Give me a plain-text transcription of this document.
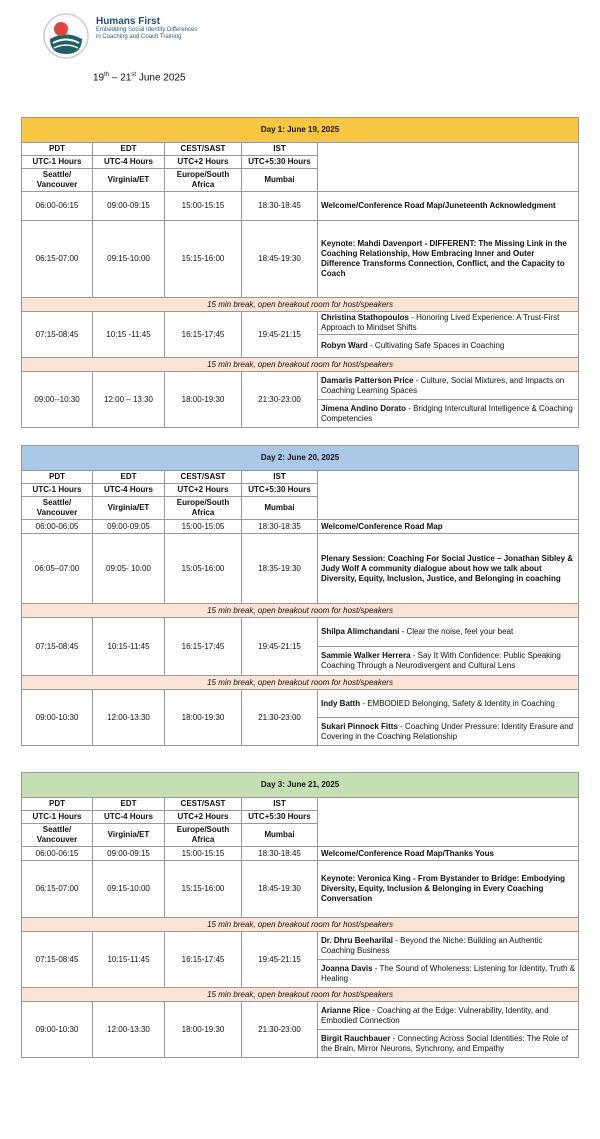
Humans First
Embedding Social Identity Differences
in Coaching and Coach Training
19th – 21st June 2025
Day 1: June 19, 2025				
PDT	EDT	CEST/SAST	IST	
UTC-1 Hours	UTC-4 Hours	UTC+2 Hours	UTC+5:30 Hours	
Seattle/ Vancouver	Virginia/ET	Europe/South Africa	Mumbai	
06:00-06:15	09:00-09:15	15:00-15:15	18:30-18:45	Welcome/Conference Road Map/Juneteenth Acknowledgment
06:15-07:00	09:15-10:00	15:15-16:00	18:45-19:30	Keynote: Mahdi Davenport - DIFFERENT: The Missing Link in the Coaching Relationship, How Embracing Inner and Outer Difference Transforms Connection, Conflict, and the Capacity to Coach
15 min break, open breakout room for host/speakers				
07:15-08:45	10:15 -11:45	16:15-17:45	19:45-21:15	Christina Stathopoulos - Honoring Lived Experience: A Trust-First Approach to Mindset Shifts
				Robyn Ward - Cultivating Safe Spaces in Coaching
15 min break, open breakout room for host/speakers				
09:00--10:30	12:00 – 13:30	18:00-19:30	21:30-23:00	Damaris Patterson Price - Culture, Social Mixtures, and Impacts on Coaching Learning Spaces
				Jimena Andino Dorato - Bridging Intercultural Intelligence & Coaching Competencies
Day 2: June 20, 2025				
PDT	EDT	CEST/SAST	IST	
UTC-1 Hours	UTC-4 Hours	UTC+2 Hours	UTC+5:30 Hours	
Seattle/ Vancouver	Virginia/ET	Europe/South Africa	Mumbai	
06:00-06:05	09:00-09:05	15:00-15:05	18:30-18:35	Welcome/Conference Road Map
06:05–07:00	09:05- 10:00	15:05-16:00	18:35-19:30	Plenary Session: Coaching For Social Justice – Jonathan Sibley & Judy Wolf A community dialogue about how we talk about Diversity, Equity, Inclusion, Justice, and Belonging in coaching
15 min break, open breakout room for host/speakers				
07:15-08:45	10:15-11:45	16:15-17:45	19:45-21:15	Shilpa Alimchandani - Clear the noise, feel your beat
				Sammie Walker Herrera - Say It With Confidence: Public Speaking Coaching Through a Neurodivergent and Cultural Lens
15 min break, open breakout room for host/speakers				
09:00-10:30	12:00-13:30	18:00-19:30	21:30-23:00	Indy Batth - EMBODIED Belonging, Safety & Identity in Coaching
				Sukari Pinnock Fitts - Coaching Under Pressure: Identity Erasure and Covering in the Coaching Relationship
Day 3: June 21, 2025				
PDT	EDT	CEST/SAST	IST	
UTC-1 Hours	UTC-4 Hours	UTC+2 Hours	UTC+5:30 Hours	
Seattle/ Vancouver	Virginia/ET	Europe/South Africa	Mumbai	
06:00-06:15	09:00-09:15	15:00-15:15	18:30-18:45	Welcome/Conference Road Map/Thanks Yous
06:15-07:00	09:15-10:00	15:15-16:00	18:45-19:30	Keynote: Veronica King - From Bystander to Bridge: Embodying Diversity, Equity, Inclusion & Belonging in Every Coaching Conversation
15 min break, open breakout room for host/speakers				
07:15-08:45	10:15-11:45	16:15-17:45	19:45-21:15	Dr. Dhru Beeharilal - Beyond the Niche: Building an Authentic Coaching Business
				Joanna Davis - The Sound of Wholeness: Listening for Identity, Truth & Healing
15 min break, open breakout room for host/speakers				
09:00-10:30	12:00-13:30	18:00-19:30	21:30-23:00	Arianne Rice - Coaching at the Edge: Vulnerability, Identity, and Embodied Connection
				Birgit Rauchbauer - Connecting Across Social Identities: The Role of the Brain, Mirror Neurons, Synchrony, and Empathy
